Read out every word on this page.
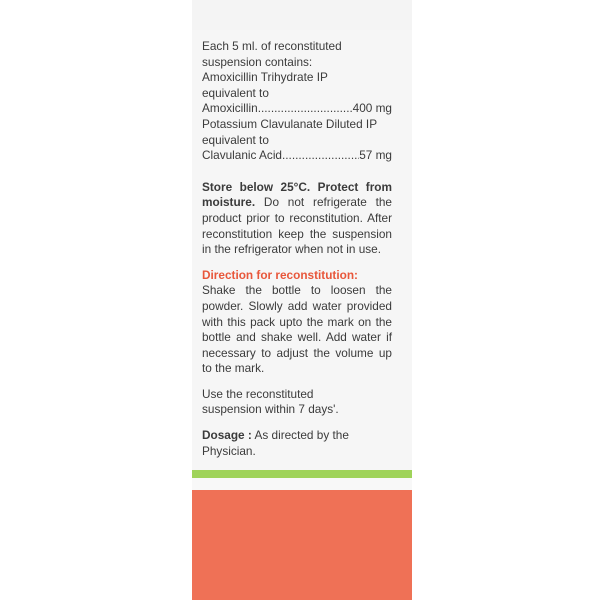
Each 5 ml. of reconstituted

suspension contains:

Amoxicillin Trihydrate IP

equivalent to

Amoxicillin .....	400 mg

Potassium Clavulanate Diluted IP

equivalent to

Clavulanic Acid .....	57 mg

Store below 25°C. Protect from moisture. Do not refrigerate the product prior to reconstitution. After reconstitution keep the suspension in the refrigerator when not in use.

Direction for reconstitution:

Shake the bottle to loosen the powder. Slowly add water provided with this pack upto the mark on the bottle and shake well. Add water if necessary to adjust the volume up to the mark.

Use the reconstituted suspension within 7 days'.

Dosage : As directed by the Physician.
